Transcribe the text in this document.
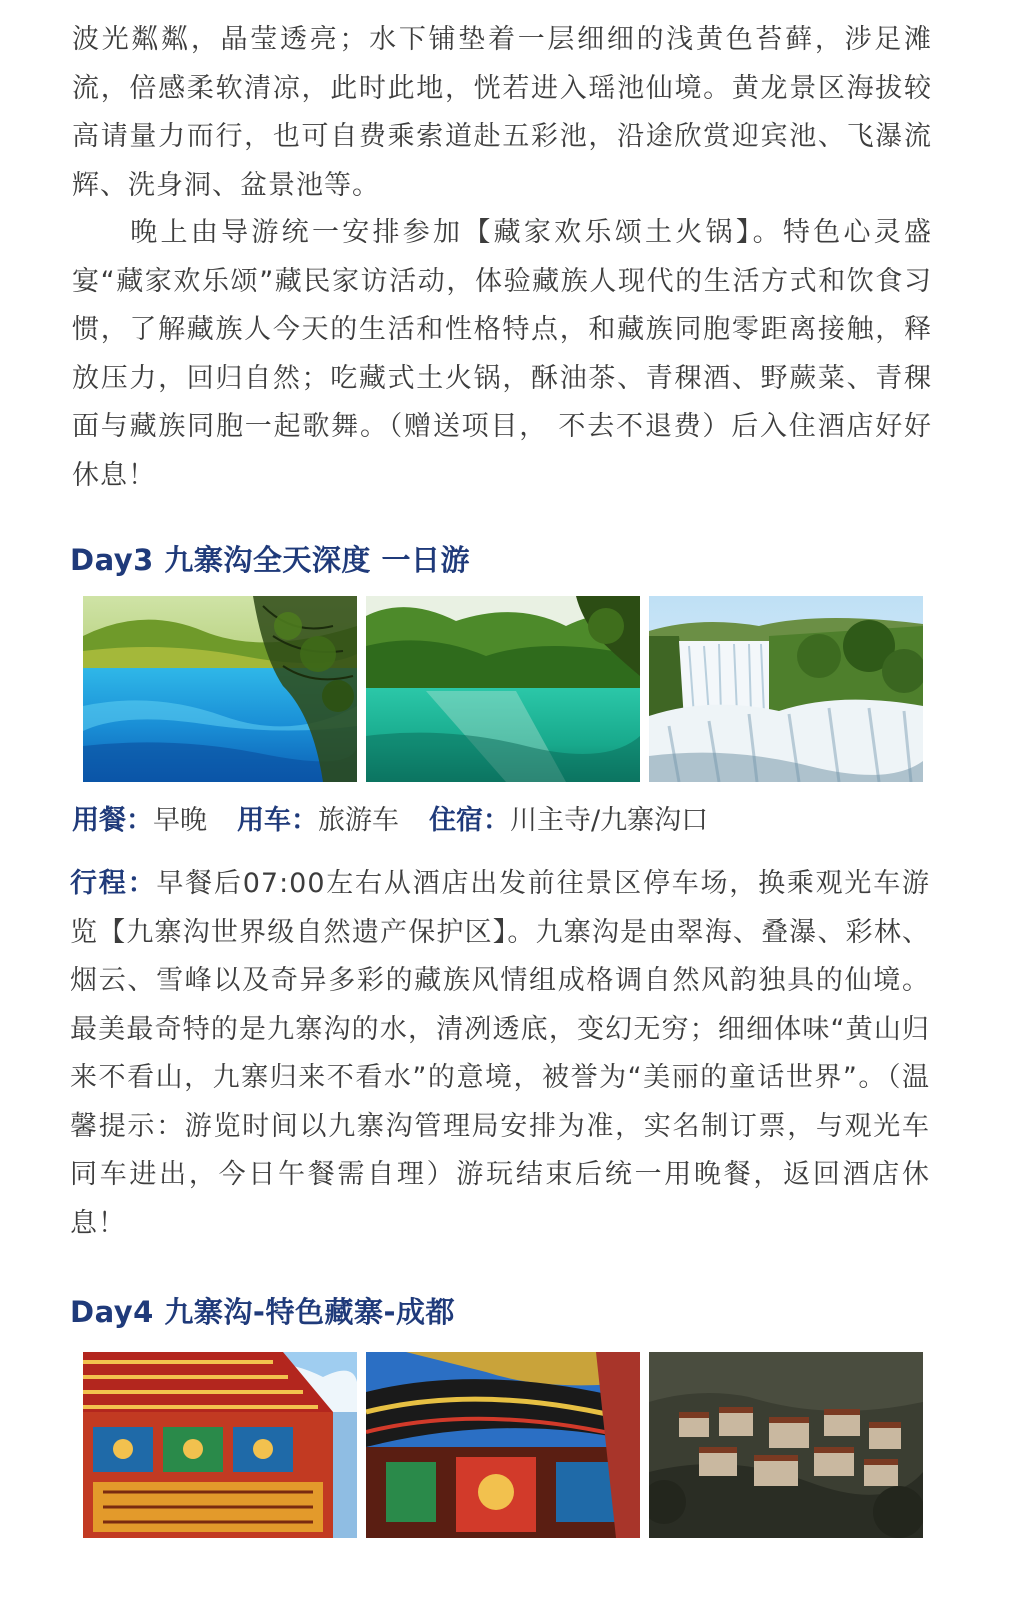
波光粼粼，晶莹透亮；水下铺垫着一层细细的浅黄色苔藓，涉足滩流，倍感柔软清凉，此时此地，恍若进入瑶池仙境。黄龙景区海拔较高请量力而行，也可自费乘索道赴五彩池，沿途欣赏迎宾池、飞瀑流辉、洗身洞、盆景池等。

晚上由导游统一安排参加【藏家欢乐颂土火锅】。特色心灵盛宴“藏家欢乐颂”藏民家访活动，体验藏族人现代的生活方式和饮食习惯，了解藏族人今天的生活和性格特点，和藏族同胞零距离接触，释放压力，回归自然；吃藏式土火锅，酥油茶、青稞酒、野蕨菜、青稞面与藏族同胞一起歌舞。（赠送项目， 不去不退费）后入住酒店好好休息！

Day3 九寨沟全天深度 一日游
用餐：早晚 用车：旅游车 住宿：川主寺/九寨沟口

行程：早餐后07:00左右从酒店出发前往景区停车场，换乘观光车游览【九寨沟世界级自然遗产保护区】。九寨沟是由翠海、叠瀑、彩林、烟云、雪峰以及奇异多彩的藏族风情组成格调自然风韵独具的仙境。最美最奇特的是九寨沟的水，清冽透底，变幻无穷；细细体味“黄山归来不看山，九寨归来不看水”的意境，被誉为“美丽的童话世界”。（温馨提示：游览时间以九寨沟管理局安排为准，实名制订票，与观光车同车进出，今日午餐需自理）游玩结束后统一用晚餐，返回酒店休息！

Day4 九寨沟-特色藏寨-成都
